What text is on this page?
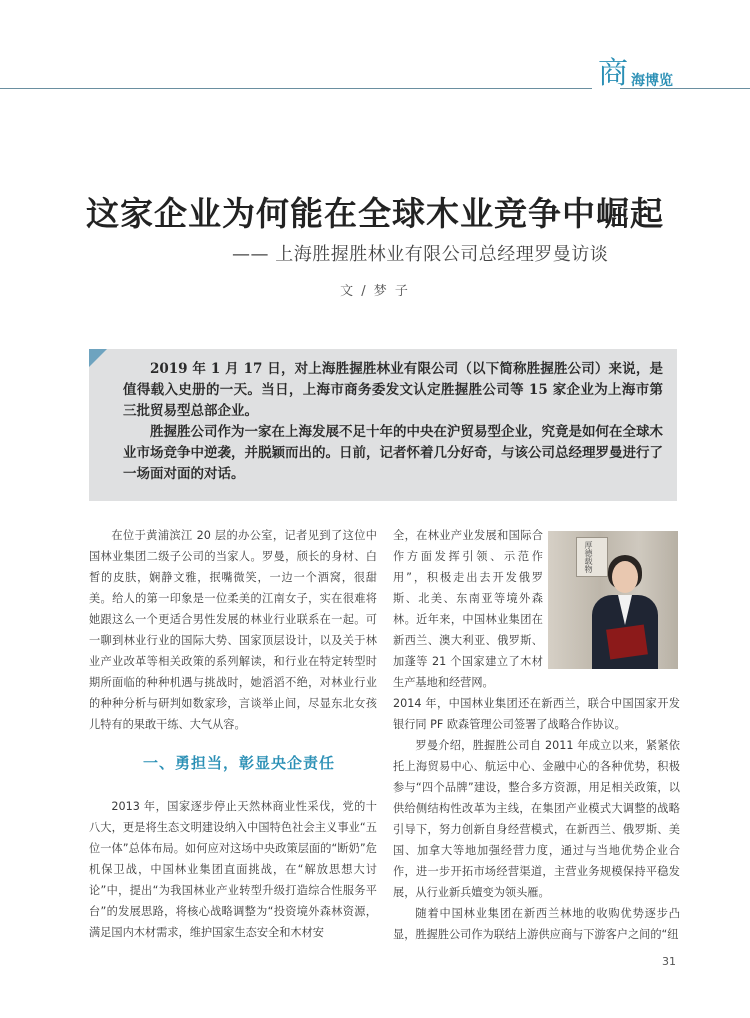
商 海博览
这家企业为何能在全球木业竞争中崛起
—— 上海胜握胜林业有限公司总经理罗曼访谈
文 / 梦 子

2019 年 1 月 17 日，对上海胜握胜林业有限公司（以下简称胜握胜公司）来说，是值得载入史册的一天。当日，上海市商务委发文认定胜握胜公司等 15 家企业为上海市第三批贸易型总部企业。

胜握胜公司作为一家在上海发展不足十年的中央在沪贸易型企业，究竟是如何在全球木业市场竞争中逆袭，并脱颖而出的。日前，记者怀着几分好奇，与该公司总经理罗曼进行了一场面对面的对话。

在位于黄浦滨江 20 层的办公室，记者见到了这位中国林业集团二级子公司的当家人。罗曼，颀长的身材、白皙的皮肤，娴静文雅，抿嘴微笑，一边一个酒窝，很甜美。给人的第一印象是一位柔美的江南女子，实在很难将她跟这么一个更适合男性发展的林业行业联系在一起。可一聊到林业行业的国际大势、国家顶层设计，以及关于林业产业改革等相关政策的系列解读，和行业在特定转型时期所面临的种种机遇与挑战时，她滔滔不绝，对林业行业的种种分析与研判如数家珍，言谈举止间，尽显东北女孩儿特有的果敢干练、大气从容。

一、勇担当，彰显央企责任

2013 年，国家逐步停止天然林商业性采伐，党的十八大，更是将生态文明建设纳入中国特色社会主义事业“五位一体”总体布局。如何应对这场中央政策层面的“断奶”危机保卫战，中国林业集团直面挑战，在“解放思想大讨论”中，提出“为我国林业产业转型升级打造综合性服务平台”的发展思路，将核心战略调整为“投资境外森林资源，满足国内木材需求，维护国家生态安全和木材安

全，在林业产业发展和国际合作方面发挥引领、示范作用”，积极走出去开发俄罗斯、北美、东南亚等境外森林。近年来，中国林业集团在新西兰、澳大利亚、俄罗斯、加蓬等 21 个国家建立了木材生产基地和经营网。

厚德载物

2014 年，中国林业集团还在新西兰，联合中国国家开发银行同 PF 欧森管理公司签署了战略合作协议。

罗曼介绍，胜握胜公司自 2011 年成立以来，紧紧依托上海贸易中心、航运中心、金融中心的各种优势，积极参与“四个品牌”建设，整合多方资源，用足相关政策，以供给侧结构性改革为主线，在集团产业模式大调整的战略引导下，努力创新自身经营模式，在新西兰、俄罗斯、美国、加拿大等地加强经营力度，通过与当地优势企业合作，进一步开拓市场经营渠道，主营业务规模保持平稳发展，从行业新兵嬗变为领头雁。

随着中国林业集团在新西兰林地的收购优势逐步凸显，胜握胜公司作为联结上游供应商与下游客户之间的“纽

31
